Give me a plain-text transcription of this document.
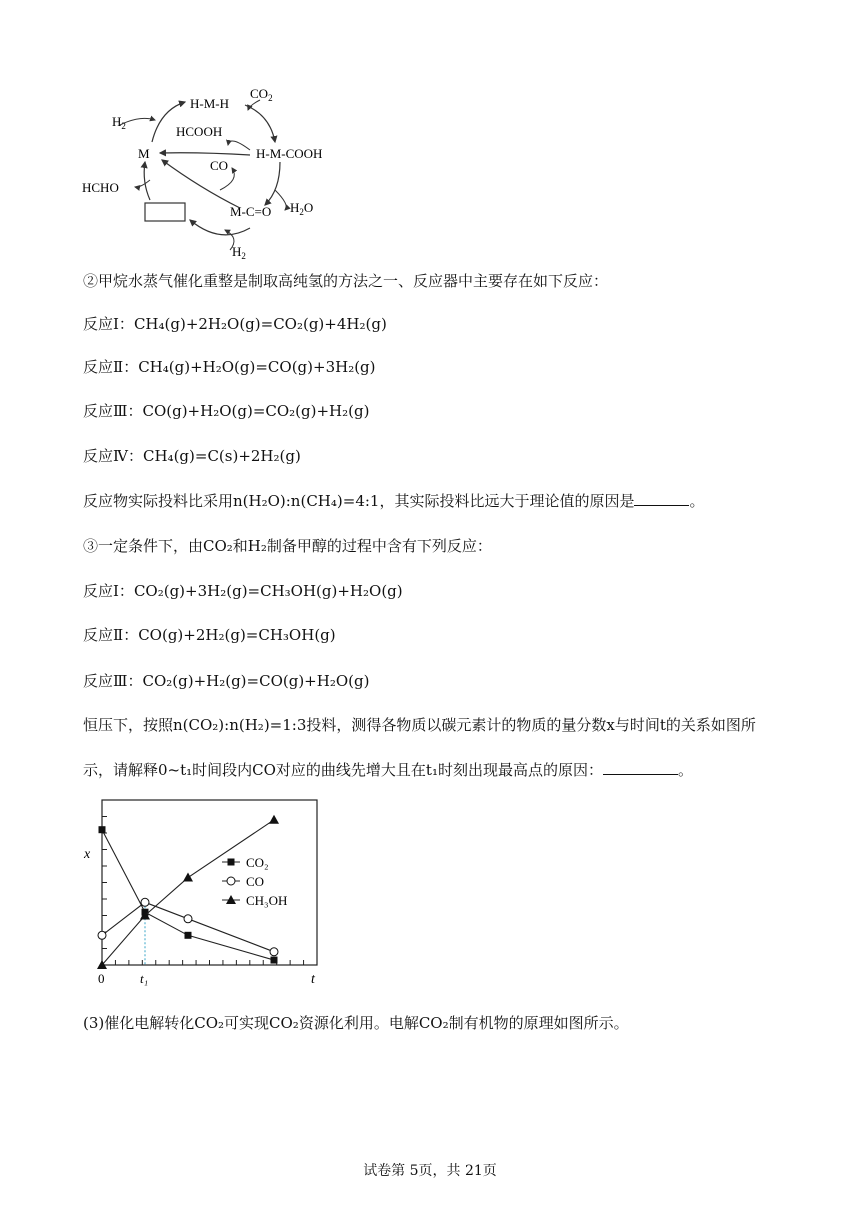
H-M-H
$CO_2$
$H_2$	HCOOH
M	H-M-COOH
CO
HCHO
M-C=O $H_2O$
$H_2$
②甲烷水蒸气催化重整是制取高纯氢的方法之一、反应器中主要存在如下反应：
反应Ⅰ：CH₄(g)+2H₂O(g)=CO₂(g)+4H₂(g)
反应Ⅱ：CH₄(g)+H₂O(g)=CO(g)+3H₂(g)
反应Ⅲ：CO(g)+H₂O(g)=CO₂(g)+H₂(g)
反应Ⅳ：CH₄(g)=C(s)+2H₂(g)
反应物实际投料比采用n(H₂O):n(CH₄)=4:1，其实际投料比远大于理论值的原因是	。
③一定条件下，由CO₂和H₂制备甲醇的过程中含有下列反应：
反应Ⅰ：CO₂(g)+3H₂(g)=CH₃OH(g)+H₂O(g)
反应Ⅱ：CO(g)+2H₂(g)=CH₃OH(g)
反应Ⅲ：CO₂(g)+H₂(g)=CO(g)+H₂O(g)
恒压下，按照n(CO₂):n(H₂)=1:3投料，测得各物质以碳元素计的物质的量分数x与时间t的关系如图所
示，请解释0~t₁时间段内CO对应的曲线先增大且在t₁时刻出现最高点的原因：	。
x
t
0	t₁
CO₂
CO
CH₃OH
(3)催化电解转化CO₂可实现CO₂资源化利用。电解CO₂制有机物的原理如图所示。
试卷第 5页，共 21页
